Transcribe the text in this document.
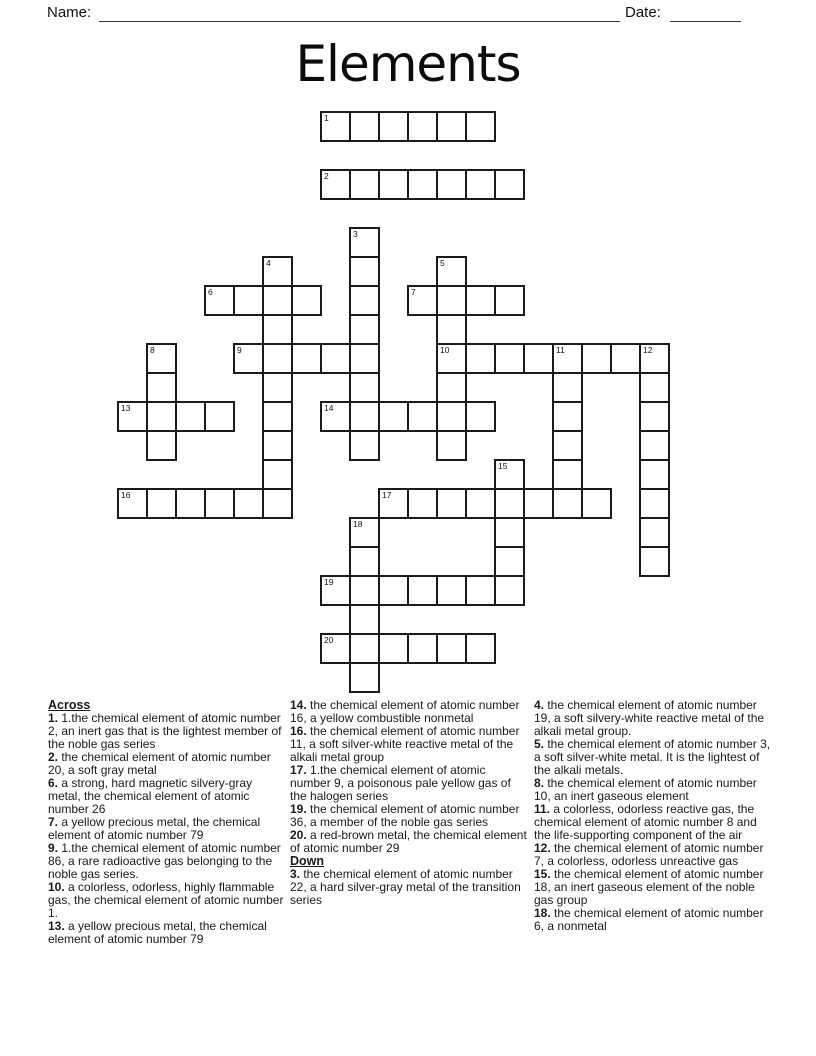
Name:	Date:
Elements
1
2
3
4	5
10
6	7
8	9	11	12
13	14
15
16	17
18
19
20

Across

1. 1.the chemical element of atomic number 2, an inert gas that is the lightest member of the noble gas series

2. the chemical element of atomic number 20, a soft gray metal

6. a strong, hard magnetic silvery-gray metal, the chemical element of atomic number 26

7. a yellow precious metal, the chemical element of atomic number 79

9. 1.the chemical element of atomic number 86, a rare radioactive gas belonging to the noble gas series.

10. a colorless, odorless, highly flammable gas, the chemical element of atomic number 1.

13. a yellow precious metal, the chemical element of atomic number 79

14. the chemical element of atomic number 16, a yellow combustible nonmetal

16. the chemical element of atomic number 11, a soft silver-white reactive metal of the alkali metal group

17. 1.the chemical element of atomic number 9, a poisonous pale yellow gas of the halogen series

19. the chemical element of atomic number 36, a member of the noble gas series

20. a red-brown metal, the chemical element of atomic number 29

Down

3. the chemical element of atomic number 22, a hard silver-gray metal of the transition series

4. the chemical element of atomic number 19, a soft silvery-white reactive metal of the alkali metal group.

5. the chemical element of atomic number 3, a soft silver-white metal. It is the lightest of the alkali metals.

8. the chemical element of atomic number 10, an inert gaseous element

11. a colorless, odorless reactive gas, the chemical element of atomic number 8 and the life-supporting component of the air

12. the chemical element of atomic number 7, a colorless, odorless unreactive gas

15. the chemical element of atomic number 18, an inert gaseous element of the noble gas group

18. the chemical element of atomic number 6, a nonmetal
